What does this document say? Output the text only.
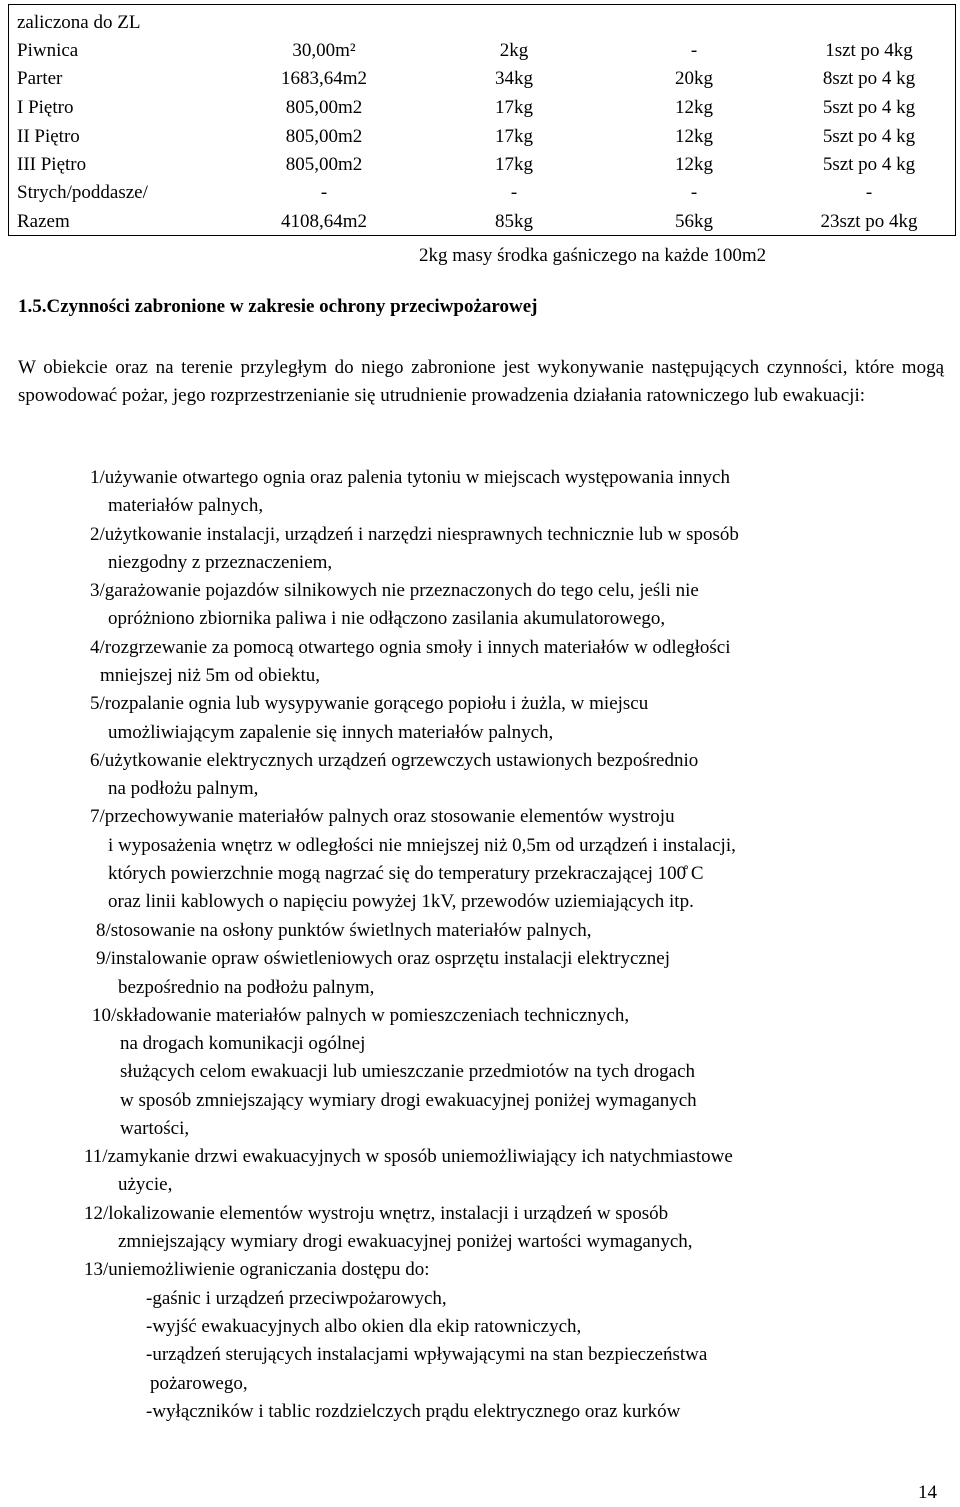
zaliczona do ZL
Piwnica	30,00m²	2kg	-	1szt po 4kg
Parter	1683,64m2	34kg	20kg	8szt po 4 kg
I Piętro	805,00m2	17kg	12kg	5szt po 4 kg
II Piętro	805,00m2	17kg	12kg	5szt po 4 kg
III Piętro	805,00m2	17kg	12kg	5szt po 4 kg
Strych/poddasze/	-	-	-	-
Razem	4108,64m2	85kg	56kg	23szt po 4kg
2kg masy środka gaśniczego na każde 100m2
1.5.Czynności zabronione w zakresie ochrony przeciwpożarowej
W obiekcie oraz na terenie przyległym do niego zabronione jest wykonywanie następujących czynności, które mogą spowodować pożar, jego rozprzestrzenianie się utrudnienie prowadzenia działania ratowniczego lub ewakuacji:
1/używanie otwartego ognia oraz palenia tytoniu w miejscach występowania innych
materiałów palnych,
2/użytkowanie instalacji, urządzeń i narzędzi niesprawnych technicznie lub w sposób
niezgodny z przeznaczeniem,
3/garażowanie pojazdów silnikowych nie przeznaczonych do tego celu, jeśli nie
opróżniono zbiornika paliwa i nie odłączono zasilania akumulatorowego,
4/rozgrzewanie za pomocą otwartego ognia smoły i innych materiałów w odległości
mniejszej niż 5m od obiektu,
5/rozpalanie ognia lub wysypywanie gorącego popiołu i żużla, w miejscu
umożliwiającym zapalenie się innych materiałów palnych,
6/użytkowanie elektrycznych urządzeń ogrzewczych ustawionych bezpośrednio
na podłożu palnym,
7/przechowywanie materiałów palnych oraz stosowanie elementów wystroju
i wyposażenia wnętrz w odległości nie mniejszej niż 0,5m od urządzeń i instalacji,
których powierzchnie mogą nagrzać się do temperatury przekraczającej 100̊ C
oraz linii kablowych o napięciu powyżej 1kV, przewodów uziemiających itp.
8/stosowanie na osłony punktów świetlnych materiałów palnych,
9/instalowanie opraw oświetleniowych oraz osprzętu instalacji elektrycznej
bezpośrednio na podłożu palnym,
10/składowanie materiałów palnych w pomieszczeniach technicznych,
na drogach komunikacji ogólnej
służących celom ewakuacji lub umieszczanie przedmiotów na tych drogach
w sposób zmniejszający wymiary drogi ewakuacyjnej poniżej wymaganych
wartości,
11/zamykanie drzwi ewakuacyjnych w sposób uniemożliwiający ich natychmiastowe
użycie,
12/lokalizowanie elementów wystroju wnętrz, instalacji i urządzeń w sposób
zmniejszający wymiary drogi ewakuacyjnej poniżej wartości wymaganych,
13/uniemożliwienie ograniczania dostępu do:
-gaśnic i urządzeń przeciwpożarowych,
-wyjść ewakuacyjnych albo okien dla ekip ratowniczych,
-urządzeń sterujących instalacjami wpływającymi na stan bezpieczeństwa
pożarowego,
-wyłączników i tablic rozdzielczych prądu elektrycznego oraz kurków
14
